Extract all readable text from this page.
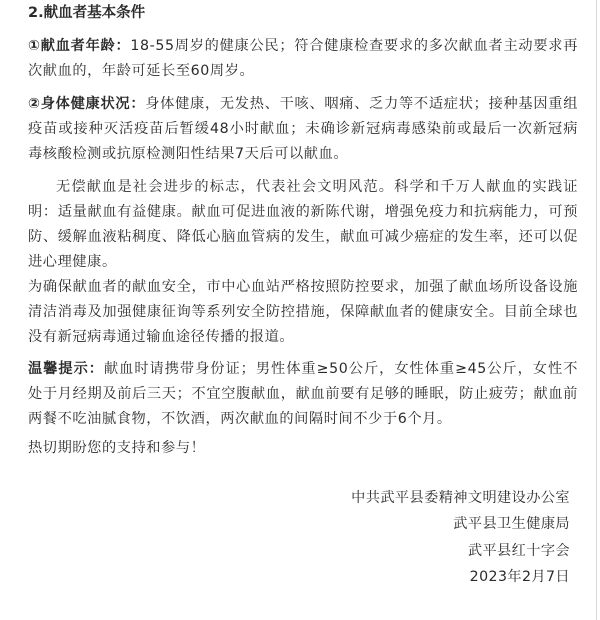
2.献血者基本条件
①献血者年龄：18-55周岁的健康公民；符合健康检查要求的多次献血者主动要求再次献血的，年龄可延长至60周岁。
②身体健康状况：身体健康，无发热、干咳、咽痛、乏力等不适症状；接种基因重组疫苗或接种灭活疫苗后暂缓48小时献血；未确诊新冠病毒感染前或最后一次新冠病毒核酸检测或抗原检测阳性结果7天后可以献血。
无偿献血是社会进步的标志，代表社会文明风范。科学和千万人献血的实践证明：适量献血有益健康。献血可促进血液的新陈代谢，增强免疫力和抗病能力，可预防、缓解血液粘稠度、降低心脑血管病的发生，献血可减少癌症的发生率，还可以促进心理健康。
为确保献血者的献血安全，市中心血站严格按照防控要求，加强了献血场所设备设施清洁消毒及加强健康征询等系列安全防控措施，保障献血者的健康安全。目前全球也没有新冠病毒通过输血途径传播的报道。
温馨提示：献血时请携带身份证；男性体重≥50公斤，女性体重≥45公斤，女性不处于月经期及前后三天；不宜空腹献血，献血前要有足够的睡眠，防止疲劳；献血前两餐不吃油腻食物，不饮酒，两次献血的间隔时间不少于6个月。
热切期盼您的支持和参与！
中共武平县委精神文明建设办公室
武平县卫生健康局
武平县红十字会
2023年2月7日
